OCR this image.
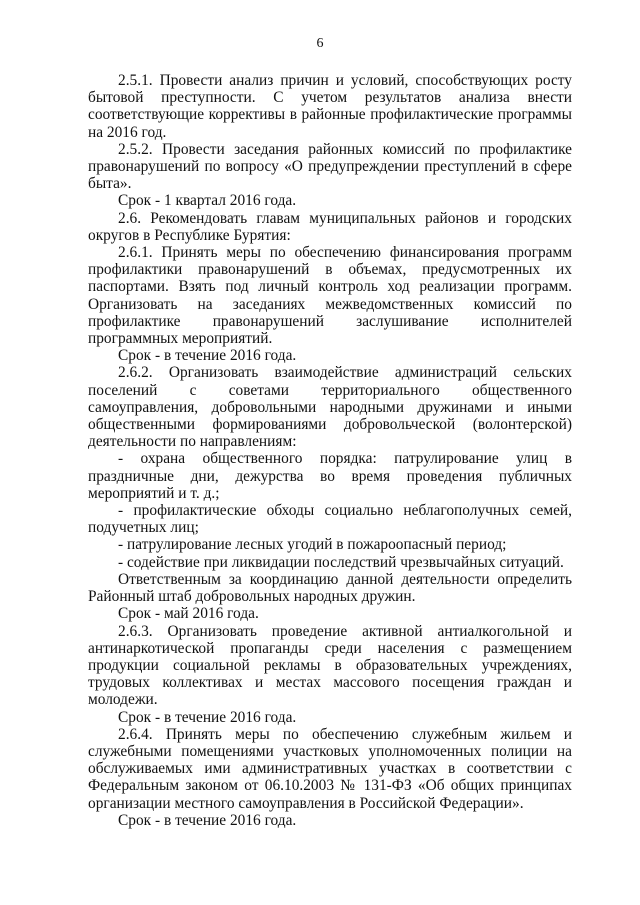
6

2.5.1. Провести анализ причин и условий, способствующих росту бытовой преступности. С учетом результатов анализа внести соответствующие коррективы в районные профилактические программы на 2016 год.

2.5.2. Провести заседания районных комиссий по профилактике правонарушений по вопросу «О предупреждении преступлений в сфере быта».

Срок - 1 квартал 2016 года.

2.6. Рекомендовать главам муниципальных районов и городских округов в Республике Бурятия:

2.6.1. Принять меры по обеспечению финансирования программ профилактики правонарушений в объемах, предусмотренных их паспортами. Взять под личный контроль ход реализации программ. Организовать на заседаниях межведомственных комиссий по профилактике правонарушений заслушивание исполнителей программных мероприятий.

Срок - в течение 2016 года.

2.6.2. Организовать взаимодействие администраций сельских поселений с советами территориального общественного самоуправления, добровольными народными дружинами и иными общественными формированиями добровольческой (волонтерской) деятельности по направлениям:

- охрана общественного порядка: патрулирование улиц в праздничные дни, дежурства во время проведения публичных мероприятий и т. д.;

- профилактические обходы социально неблагополучных семей, подучетных лиц;

- патрулирование лесных угодий в пожароопасный период;

- содействие при ликвидации последствий чрезвычайных ситуаций.

Ответственным за координацию данной деятельности определить Районный штаб добровольных народных дружин.

Срок - май 2016 года.

2.6.3. Организовать проведение активной антиалкогольной и антинаркотической пропаганды среди населения с размещением продукции социальной рекламы в образовательных учреждениях, трудовых коллективах и местах массового посещения граждан и молодежи.

Срок - в течение 2016 года.

2.6.4. Принять меры по обеспечению служебным жильем и служебными помещениями участковых уполномоченных полиции на обслуживаемых ими административных участках в соответствии с Федеральным законом от 06.10.2003 № 131-ФЗ «Об общих принципах организации местного самоуправления в Российской Федерации».

Срок - в течение 2016 года.
